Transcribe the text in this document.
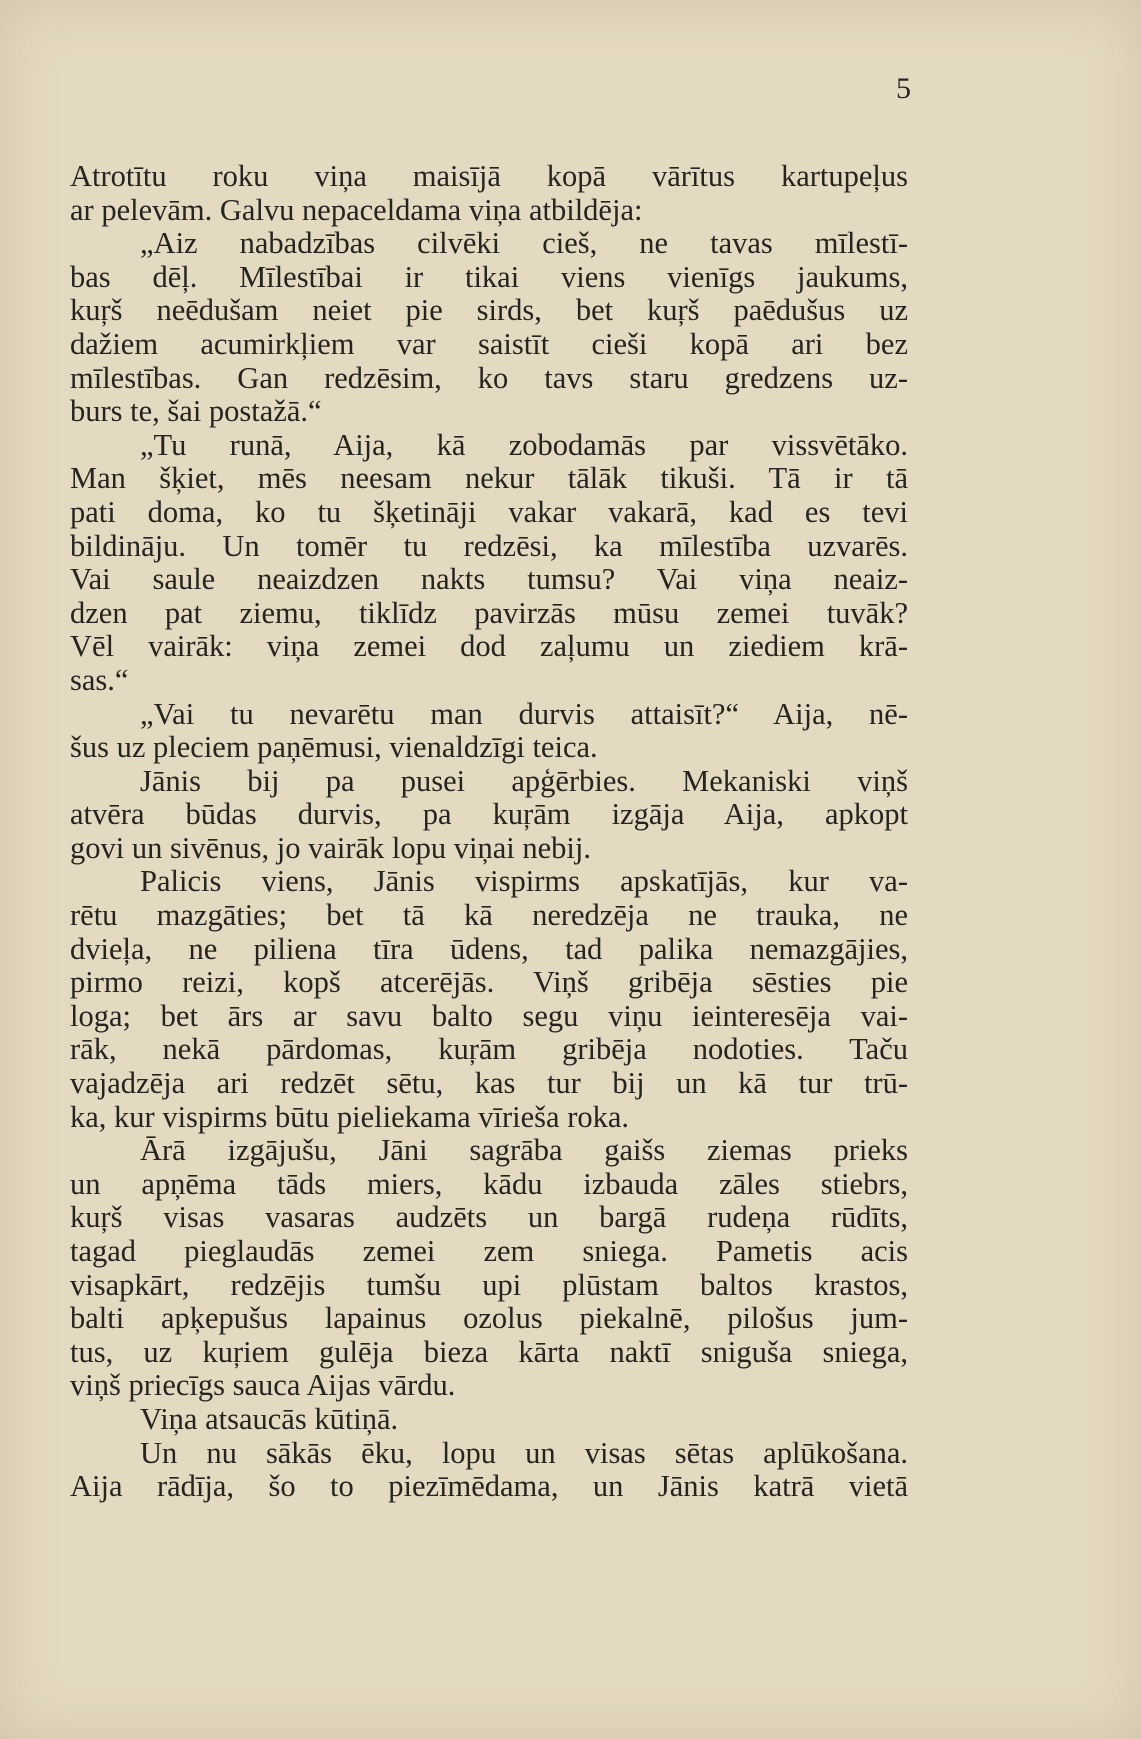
5
Atrotītu roku viņa maisījā kopā vārītus kartupeļus
ar pelevām. Galvu nepaceldama viņa atbildēja:
„Aiz nabadzības cilvēki cieš, ne tavas mīlestī-
bas dēļ. Mīlestībai ir tikai viens vienīgs jaukums,
kuŗš neēdušam neiet pie sirds, bet kuŗš paēdušus uz
dažiem acumirkļiem var saistīt cieši kopā ari bez
mīlestības. Gan redzēsim, ko tavs staru gredzens uz-
burs te, šai postažā.“
„Tu runā, Aija, kā zobodamās par vissvētāko.
Man šķiet, mēs neesam nekur tālāk tikuši. Tā ir tā
pati doma, ko tu šķetināji vakar vakarā, kad es tevi
bildināju. Un tomēr tu redzēsi, ka mīlestība uzvarēs.
Vai saule neaizdzen nakts tumsu? Vai viņa neaiz-
dzen pat ziemu, tiklīdz pavirzās mūsu zemei tuvāk?
Vēl vairāk: viņa zemei dod zaļumu un ziediem krā-
sas.“
„Vai tu nevarētu man durvis attaisīt?“ Aija, nē-
šus uz pleciem paņēmusi, vienaldzīgi teica.
Jānis bij pa pusei apģērbies. Mekaniski viņš
atvēra būdas durvis, pa kuŗām izgāja Aija, apkopt
govi un sivēnus, jo vairāk lopu viņai nebij.
Palicis viens, Jānis vispirms apskatījās, kur va-
rētu mazgāties; bet tā kā neredzēja ne trauka, ne
dvieļa, ne piliena tīra ūdens, tad palika nemazgājies,
pirmo reizi, kopš atcerējās. Viņš gribēja sēsties pie
loga; bet ārs ar savu balto segu viņu ieinteresēja vai-
rāk, nekā pārdomas, kuŗām gribēja nodoties. Taču
vajadzēja ari redzēt sētu, kas tur bij un kā tur trū-
ka, kur vispirms būtu pieliekama vīrieša roka.
Ārā izgājušu, Jāni sagrāba gaišs ziemas prieks
un apņēma tāds miers, kādu izbauda zāles stiebrs,
kuŗš visas vasaras audzēts un bargā rudeņa rūdīts,
tagad pieglaudās zemei zem sniega. Pametis acis
visapkārt, redzējis tumšu upi plūstam baltos krastos,
balti apķepušus lapainus ozolus piekalnē, pilošus jum-
tus, uz kuŗiem gulēja bieza kārta naktī sniguša sniega,
viņš priecīgs sauca Aijas vārdu.
Viņa atsaucās kūtiņā.
Un nu sākās ēku, lopu un visas sētas aplūkošana.
Aija rādīja, šo to piezīmēdama, un Jānis katrā vietā
